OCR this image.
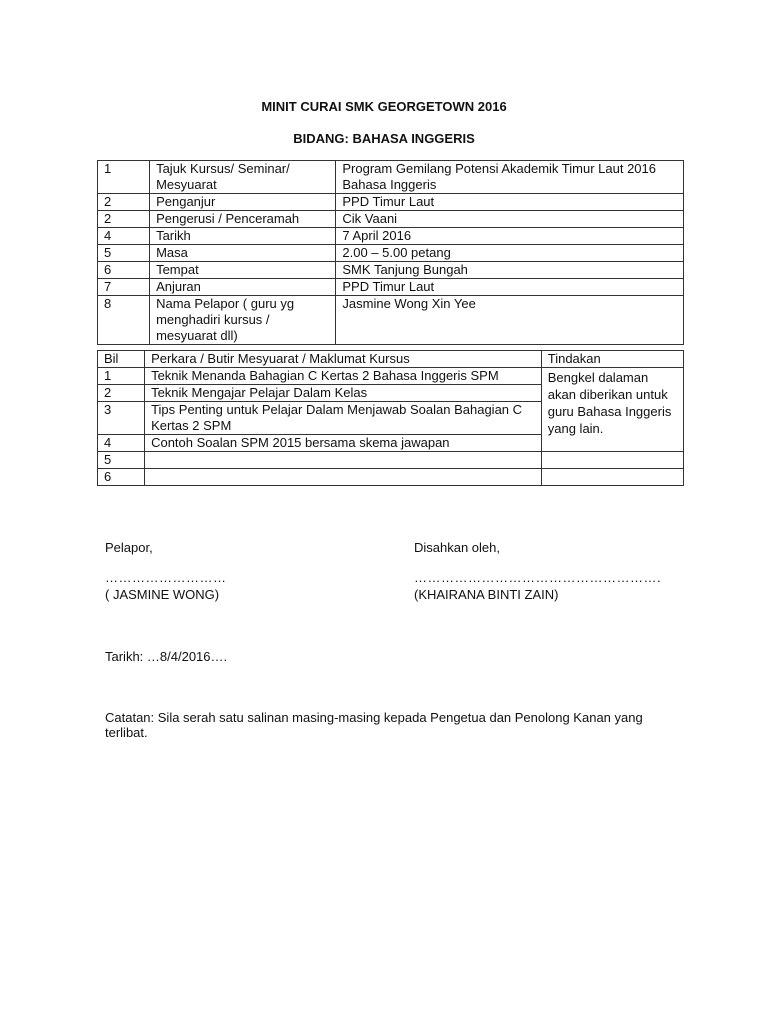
MINIT CURAI SMK GEORGETOWN 2016
BIDANG: BAHASA INGGERIS
1	Tajuk Kursus/ Seminar/ Mesyuarat	Program Gemilang Potensi Akademik Timur Laut 2016 Bahasa Inggeris
2	Penganjur	PPD Timur Laut
2	Pengerusi / Penceramah	Cik Vaani
4	Tarikh	7 April 2016
5	Masa	2.00 – 5.00 petang
6	Tempat	SMK Tanjung Bungah
7	Anjuran	PPD Timur Laut
8	Nama Pelapor ( guru yg menghadiri kursus / mesyuarat dll)	Jasmine Wong Xin Yee
Bil	Perkara / Butir Mesyuarat / Maklumat Kursus	Tindakan
1	Teknik Menanda Bahagian C Kertas 2 Bahasa Inggeris SPM	Bengkel dalaman akan diberikan untuk guru Bahasa Inggeris yang lain.
2	Teknik Mengajar Pelajar Dalam Kelas	
3	Tips Penting untuk Pelajar Dalam Menjawab Soalan Bahagian C Kertas 2 SPM	
4	Contoh Soalan SPM 2015 bersama skema jawapan	
5		
6		
Pelapor,	Disahkan oleh,
………………………	……………………………………………….
( JASMINE WONG)	(KHAIRANA BINTI ZAIN)
Tarikh: …8/4/2016….
Catatan: Sila serah satu salinan masing-masing kepada Pengetua dan Penolong Kanan yang terlibat.
